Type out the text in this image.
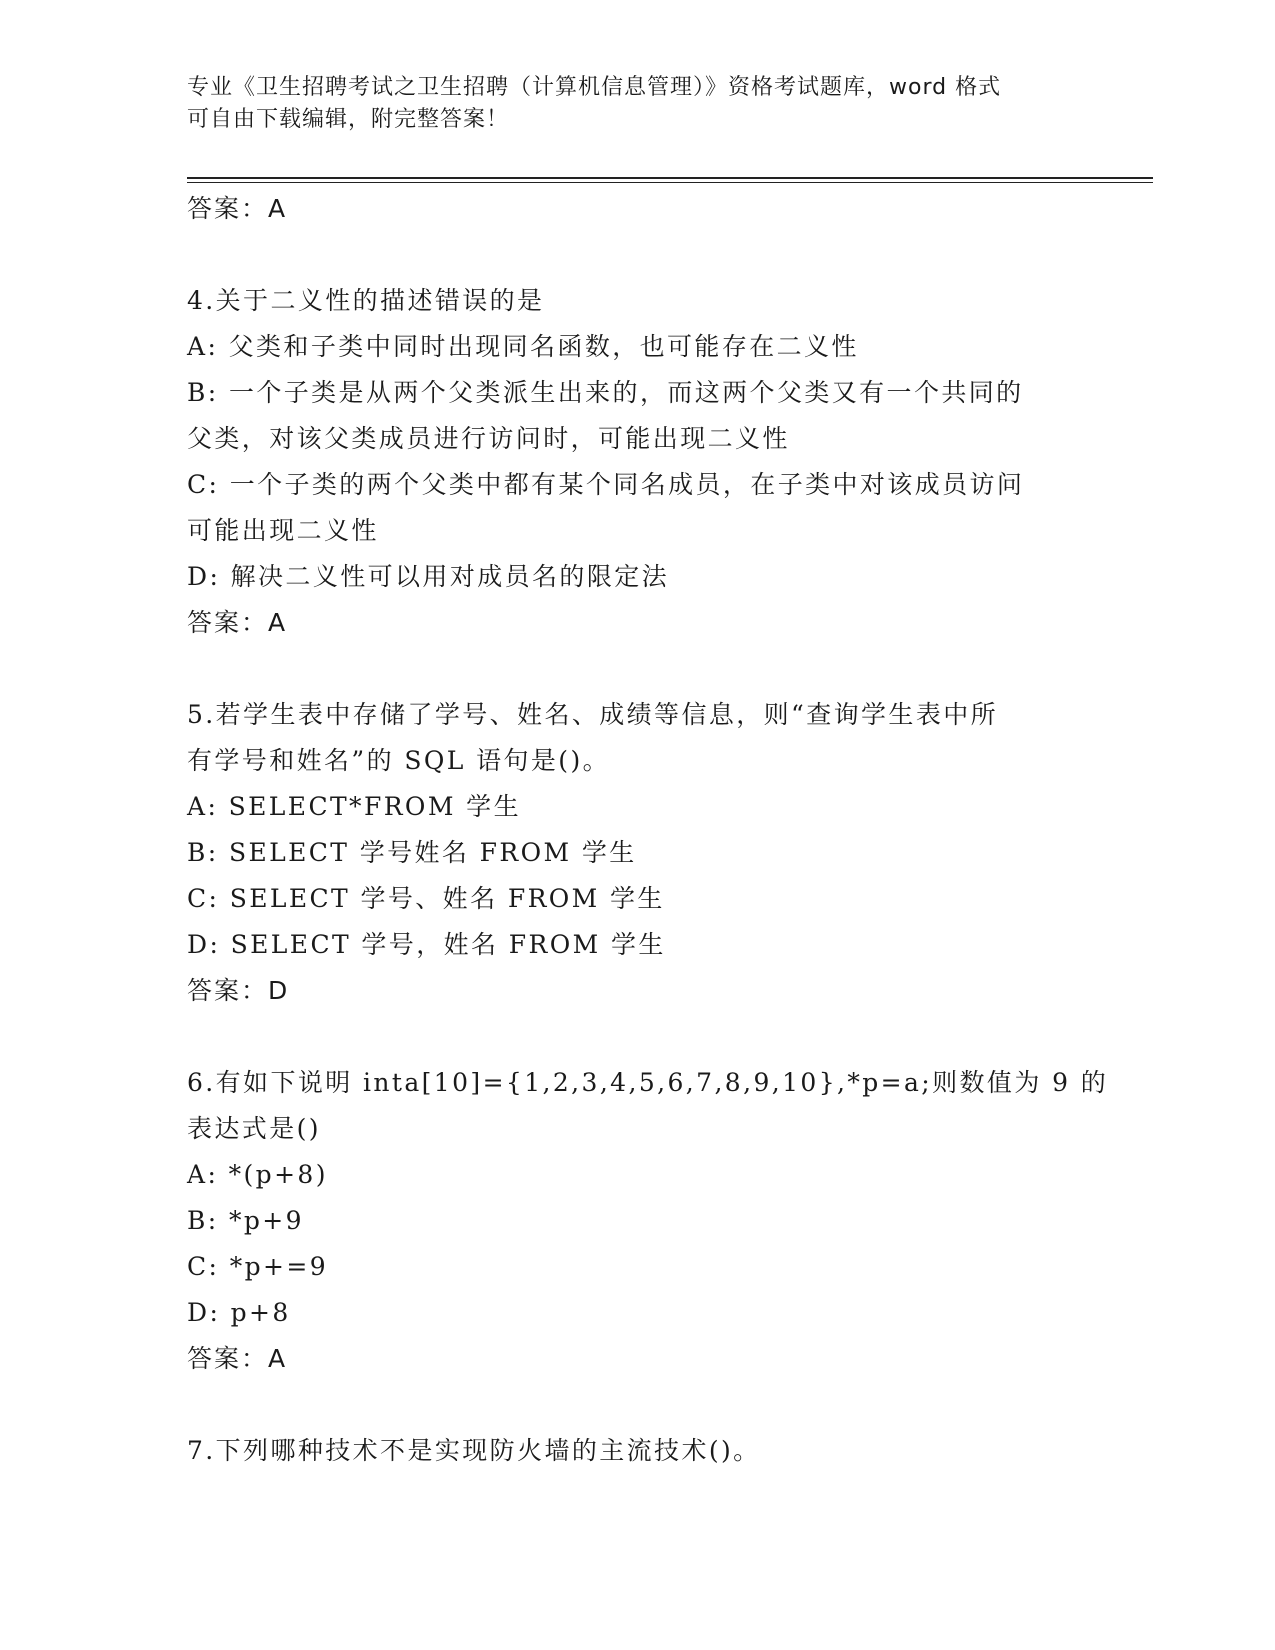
专业《卫生招聘考试之卫生招聘（计算机信息管理）》资格考试题库，word 格式
可自由下载编辑，附完整答案！
答案：A
4.关于二义性的描述错误的是
A: 父类和子类中同时出现同名函数，也可能存在二义性
B: 一个子类是从两个父类派生出来的，而这两个父类又有一个共同的
父类，对该父类成员进行访问时，可能出现二义性
C: 一个子类的两个父类中都有某个同名成员，在子类中对该成员访问
可能出现二义性
D: 解决二义性可以用对成员名的限定法
答案：A
5.若学生表中存储了学号、姓名、成绩等信息，则“查询学生表中所
有学号和姓名”的 SQL 语句是()。
A: SELECT*FROM 学生
B: SELECT 学号姓名 FROM 学生
C: SELECT 学号、姓名 FROM 学生
D: SELECT 学号，姓名 FROM 学生
答案：D
6.有如下说明 inta[10]={1,2,3,4,5,6,7,8,9,10},*p=a;则数值为 9 的
表达式是()
A: *(p+8)
B: *p+9
C: *p+=9
D: p+8
答案：A
7.下列哪种技术不是实现防火墙的主流技术()。
